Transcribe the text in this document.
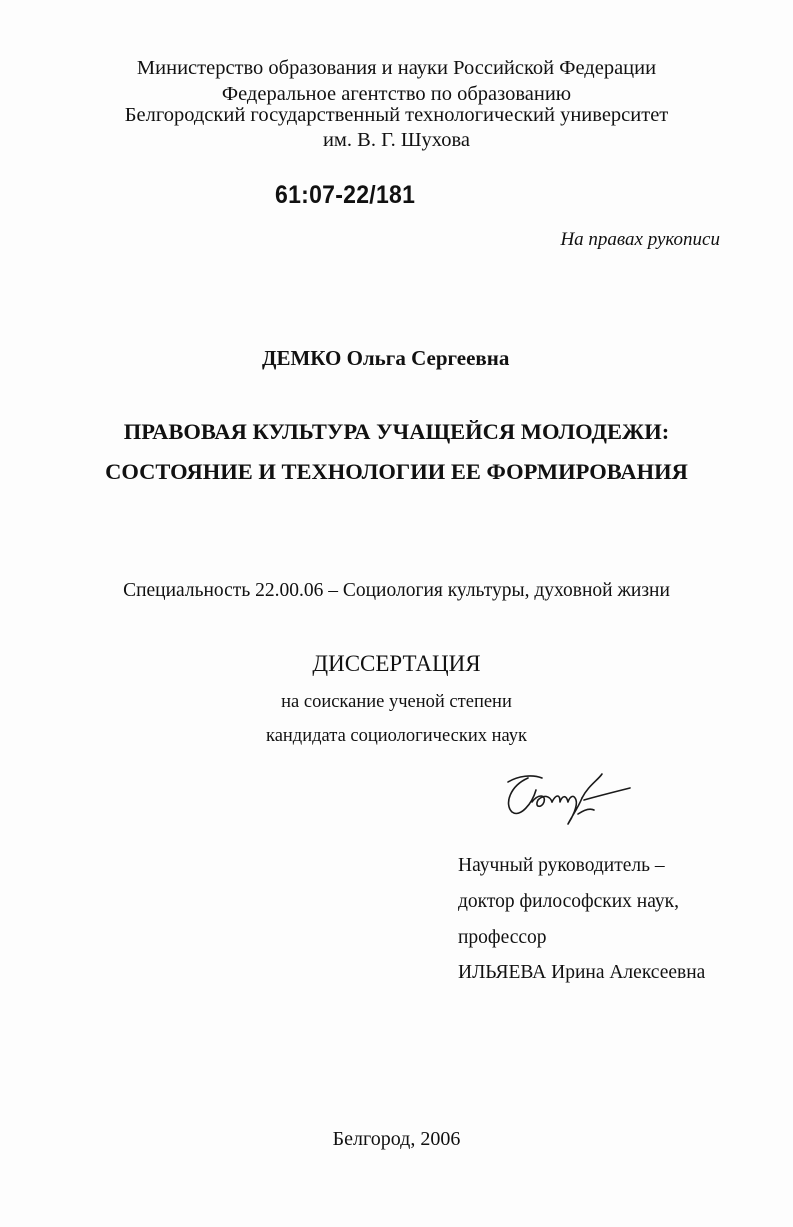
Министерство образования и науки Российской Федерации
Федеральное агентство по образованию
Белгородский государственный технологический университет
им. В. Г. Шухова
61:07-22/181
На правах рукописи
ДЕМКО Ольга Сергеевна
ПРАВОВАЯ КУЛЬТУРА УЧАЩЕЙСЯ МОЛОДЕЖИ:
СОСТОЯНИЕ И ТЕХНОЛОГИИ ЕЕ ФОРМИРОВАНИЯ
Специальность 22.00.06 – Социология культуры, духовной жизни
ДИССЕРТАЦИЯ
на соискание ученой степени
кандидата социологических наук
Научный руководитель –
доктор философских наук,
профессор
ИЛЬЯЕВА Ирина Алексеевна
Белгород, 2006
